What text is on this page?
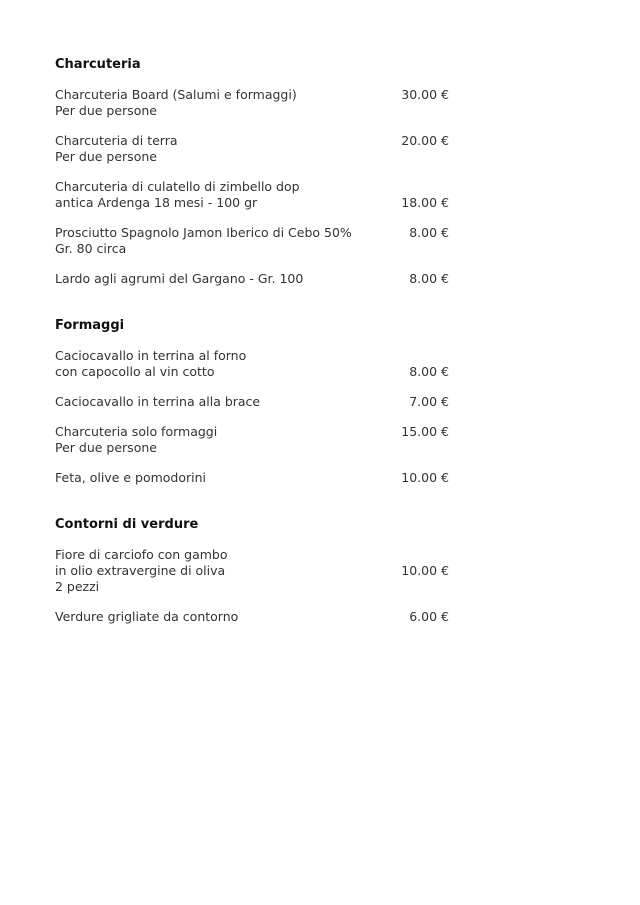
Charcuteria
Charcuteria Board (Salumi e formaggi)
Per due persone
30.00 €
Charcuteria di terra
Per due persone
20.00 €
Charcuteria di culatello di zimbello dop
antica Ardenga 18 mesi - 100 gr	18.00 €
Prosciutto Spagnolo Jamon Iberico di Cebo 50%
Gr. 80 circa
8.00 €
Lardo agli agrumi del Gargano - Gr. 100	8.00 €
Formaggi
Caciocavallo in terrina al forno
con capocollo al vin cotto	8.00 €
Caciocavallo in terrina alla brace	7.00 €
Charcuteria solo formaggi
Per due persone
15.00 €
Feta, olive e pomodorini	10.00 €
Contorni di verdure
Fiore di carciofo con gambo
in olio extravergine di oliva
2 pezzi
10.00 €
Verdure grigliate da contorno	6.00 €
